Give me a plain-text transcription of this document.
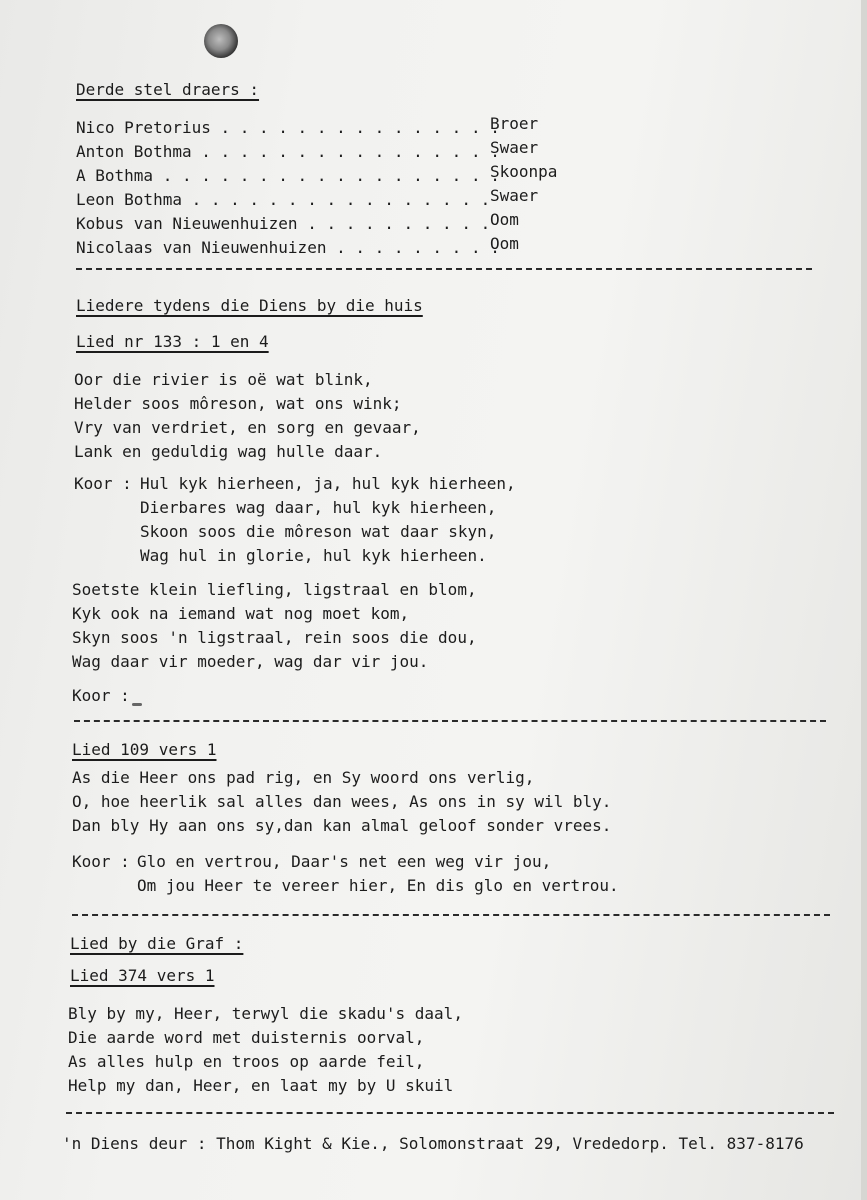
Derde stel draers :
Nico Pretorius . . . . . . . . . . . . . . .
Broer
Anton Bothma . . . . . . . . . . . . . . . .
Swaer
A Bothma . . . . . . . . . . . . . . . . . .
Skoonpa
Leon Bothma . . . . . . . . . . . . . . . . Swaer
Kobus van Nieuwenhuizen . . . . . . . . . . Oom
Nicolaas van Nieuwenhuizen . . . . . . . . .
Oom
Liedere tydens die Diens by die huis
Lied nr 133 : 1 en 4
Oor die rivier is oë wat blink,
Helder soos môreson, wat ons wink;
Vry van verdriet, en sorg en gevaar,
Lank en geduldig wag hulle daar.
Koor :
Hul kyk hierheen, ja, hul kyk hierheen,
Dierbares wag daar, hul kyk hierheen,
Skoon soos die môreson wat daar skyn,
Wag hul in glorie, hul kyk hierheen.
Soetste klein liefling, ligstraal en blom,
Kyk ook na iemand wat nog moet kom,
Skyn soos 'n ligstraal, rein soos die dou,
Wag daar vir moeder, wag dar vir jou.
Koor :
Lied 109 vers 1
As die Heer ons pad rig, en Sy woord ons verlig,
O, hoe heerlik sal alles dan wees, As ons in sy wil bly.
Dan bly Hy aan ons sy,dan kan almal geloof sonder vrees.
Koor :
Glo en vertrou, Daar's net een weg vir jou,
Om jou Heer te vereer hier, En dis glo en vertrou.
Lied by die Graf :
Lied 374 vers 1
Bly by my, Heer, terwyl die skadu's daal,
Die aarde word met duisternis oorval,
As alles hulp en troos op aarde feil,
Help my dan, Heer, en laat my by U skuil
'n Diens deur : Thom Kight & Kie., Solomonstraat 29, Vrededorp. Tel. 837-8176
